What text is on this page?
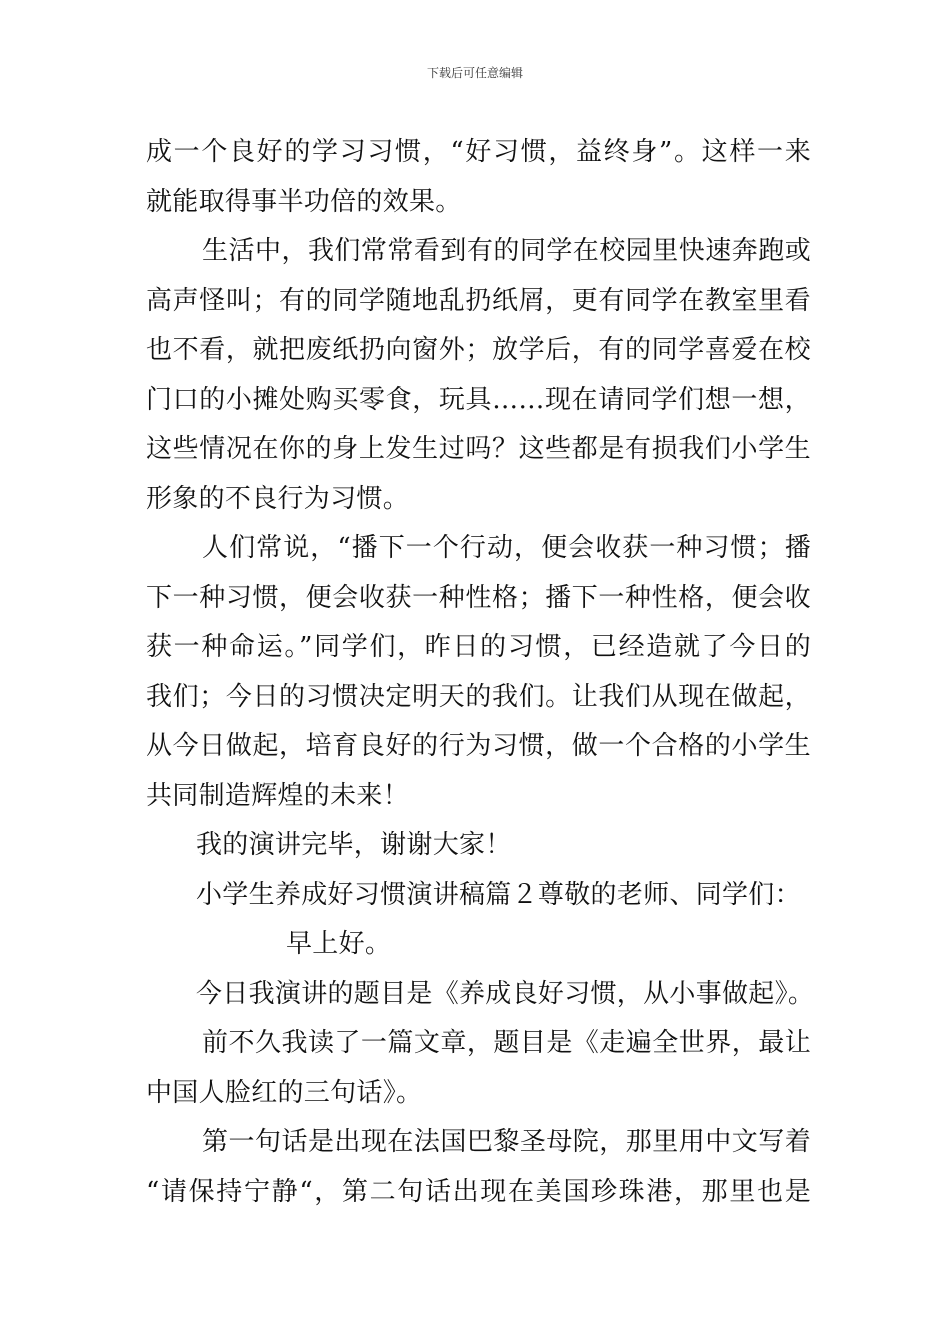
下载后可任意编辑
成一个良好的学习习惯，“好习惯，益终身”。这样一来
就能取得事半功倍的效果。
生活中，我们常常看到有的同学在校园里快速奔跑或
高声怪叫；有的同学随地乱扔纸屑，更有同学在教室里看
也不看，就把废纸扔向窗外；放学后，有的同学喜爱在校
门口的小摊处购买零食，玩具……现在请同学们想一想，
这些情况在你的身上发生过吗？这些都是有损我们小学生
形象的不良行为习惯。
人们常说，“播下一个行动，便会收获一种习惯；播
下一种习惯，便会收获一种性格；播下一种性格，便会收
获一种命运。”同学们，昨日的习惯，已经造就了今日的
我们；今日的习惯决定明天的我们。让我们从现在做起，
从今日做起，培育良好的行为习惯，做一个合格的小学生
共同制造辉煌的未来！
我的演讲完毕，谢谢大家！
小学生养成好习惯演讲稿篇２尊敬的老师、同学们：
早上好。
今日我演讲的题目是《养成良好习惯，从小事做起》。
前不久我读了一篇文章，题目是《走遍全世界，最让
中国人脸红的三句话》。
第一句话是出现在法国巴黎圣母院，那里用中文写着
“请保持宁静“，第二句话出现在美国珍珠港，那里也是
